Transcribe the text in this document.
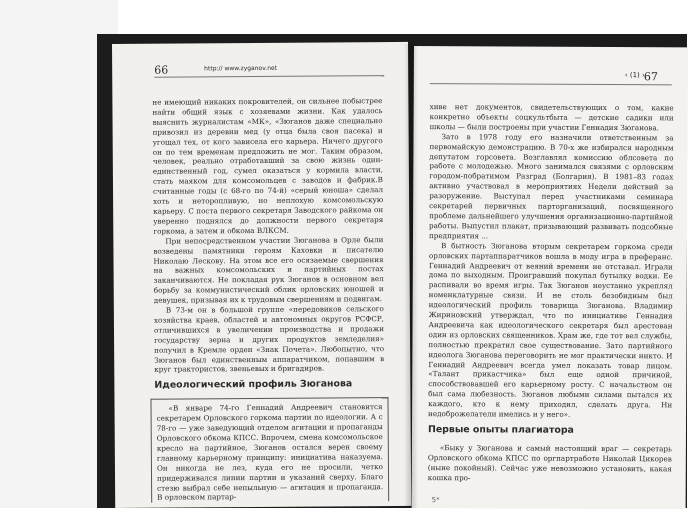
66	http:// www.zyganov.net

не имеющий никаких покровителей, он сильнее побыстрее найти общий язык с хозяевами жизни. Как удалось выяснить журналистам «МК», «Зюганов даже специально привозил из деревни мед (у отца была своя пасека) и угощал тех, от кого зависела его карьера. Ничего другого он по тем временам предложить не мог. Таким образом, человек, реально отработавший за свою жизнь один-единственный год, сумел оказаться у кормила власти, стать маяком для комсомольцев с заводов и фабрик.В считанные годы (с 68-го по 74-й) «серый юноша» сделал хоть и неторопливую, но неплохую комсомольскую карьеру. С поста первого секретаря Заводского райкома он уверенно поднялся до должности первого секретаря горкома, а затем и обкома ВЛКСМ.

При непосредственном участии Зюганова в Орле были возведены памятники героям Каховки и писателю Николаю Лескову. На этом все его осязаемые свершения на важных комсомольских и партийных постах заканчиваются. Не покладая рук Зюганов в основном вел борьбу за коммунистический облик орловских юношей и девушек, призывая их к трудовым свершениям и подвигам.

В 73-м он в большой группе «передовиков сельского хозяйства краев, областей и автономных округов РСФСР, отличившихся в увеличении производства и продажи государству зерна и других продуктов земледелия» получил в Кремле орден «Знак Почета». Любопытно, что Зюганов был единственным аппаратчиком, попавшим в круг трактористов, звеньевых и бригадиров.

Идеологический профиль Зюганова

«В январе 74-го Геннадий Андреевич становится секретарем Орловского горкома партии по идеологии. А с 78-го — уже заведующий отделом агитации и пропаганды Орловского обкома КПСС. Впрочем, смена комсомольское кресло на партийное, Зюганов остался верен своему главному карьерному принципу: инициатива наказуема. Он никогда не лез, куда его не просили, четко придерживался линии партии и указаний сверху. Благо стезю выбрал себе непыльную — агитация и пропаганда. В орловском партар-

‹ (1) ›
67

хиве нет документов, свидетельствующих о том, какие конкретно объекты соцкультбыта — детские садики или школы — были построены при участии Геннадия Зюганова.

Зато в 1978 году его назначили ответственным за первомайскую демонстрацию. В 70-х же избирался народным депутатом горсовета. Возглавлял комиссию облсовета по работе с молодежью. Много занимался связями с орловским городом-побратимом Разград (Болгария). В 1981–83 годах активно участвовал в мероприятиях Недели действий за разоружение. Выступал перед участниками семинара секретарей первичных парторганизаций, посвященного проблеме дальнейшего улучшения организационно-партийной работы. Выпустил плакат, призывающий развивать подсобные предприятия ...

В бытность Зюганова вторым секретарем горкома среди орловских партаппаратчиков вошла в моду игра в преферанс. Геннадий Андреевич от веяний времени не отставал. Играли дома по выходным. Проигравший покупал бутылку водки. Ее распивали во время игры. Так Зюганов неустанно укреплял номенклатурные связи. И не столь безобидным был идеологический профиль товарища Зюганова. Владимир Жириновский утверждал, что по инициативе Геннадия Андреевича как идеологического секретаря был арестован один из орловских священников. Храм же, где тот вел службы, полностью прекратил свое существование. Зато партийного идеолога Зюганова переговорить не мог практически никто. И Геннадий Андреевич всегда умел показать товар лицом. «Талант прикастчика» был еще одной причиной, способствовавшей его карьерному росту. С начальством он был сама любезность. Зюганов любыми силами пытался их каждого, кто к нему приходил, сделать друга. Ни недоброжелатели имелись и у него».

Первые опыты плагиатора

«Быку у Зюганова и самый настоящий враг — секретарь Орловского обкома КПСС по оргпартработе Николай Цикорев (ныне покойный). Сейчас уже невозможно установить, какая кошка про-

5*
